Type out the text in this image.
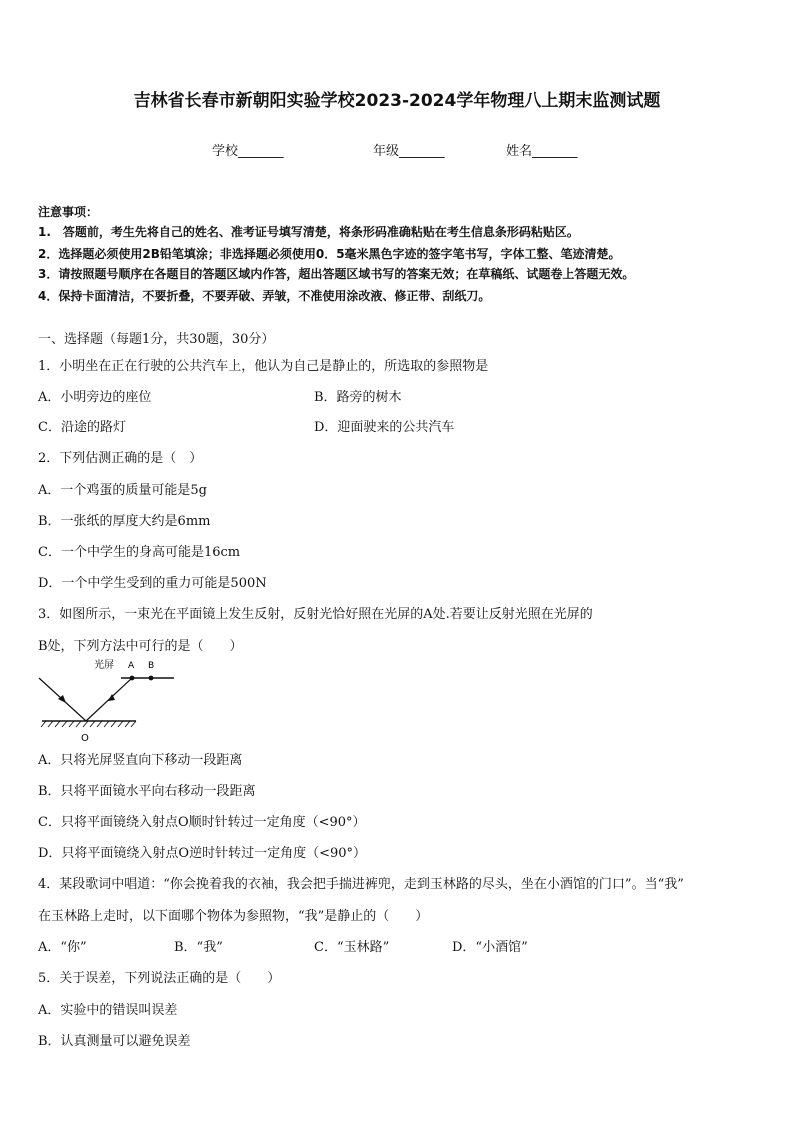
吉林省长春市新朝阳实验学校2023-2024学年物理八上期末监测试题
学校_______	年级_______	姓名_______
注意事项：
1.　答题前，考生先将自己的姓名、准考证号填写清楚，将条形码准确粘贴在考生信息条形码粘贴区。
2．选择题必须使用2B铅笔填涂；非选择题必须使用0．5毫米黑色字迹的签字笔书写，字体工整、笔迹清楚。
3．请按照题号顺序在各题目的答题区域内作答，超出答题区域书写的答案无效；在草稿纸、试题卷上答题无效。
4．保持卡面清洁，不要折叠，不要弄破、弄皱，不准使用涂改液、修正带、刮纸刀。
一、选择题（每题1分，共30题，30分）
1．小明坐在正在行驶的公共汽车上，他认为自己是静止的，所选取的参照物是
A．小明旁边的座位	B．路旁的树木
C．沿途的路灯	D．迎面驶来的公共汽车
2．下列估测正确的是（　）
A．一个鸡蛋的质量可能是5g
B．一张纸的厚度大约是6mm
C．一个中学生的身高可能是16cm
D．一个中学生受到的重力可能是500N
3．如图所示，一束光在平面镜上发生反射，反射光恰好照在光屏的A处.若要让反射光照在光屏的
B处，下列方法中可行的是（　　）
光屏 A B
O
A．只将光屏竖直向下移动一段距离
B．只将平面镜水平向右移动一段距离
C．只将平面镜绕入射点O顺时针转过一定角度（<90°）
D．只将平面镜绕入射点O逆时针转过一定角度（<90°）
4．某段歌词中唱道：“你会挽着我的衣袖，我会把手揣进裤兜，走到玉林路的尽头，坐在小酒馆的门口”。当“我”
在玉林路上走时，以下面哪个物体为参照物，“我”是静止的（　　）
A．“你”	B．“我”	C．“玉林路”	D．“小酒馆”
5．关于误差，下列说法正确的是（　　）
A．实验中的错误叫误差
B．认真测量可以避免误差
